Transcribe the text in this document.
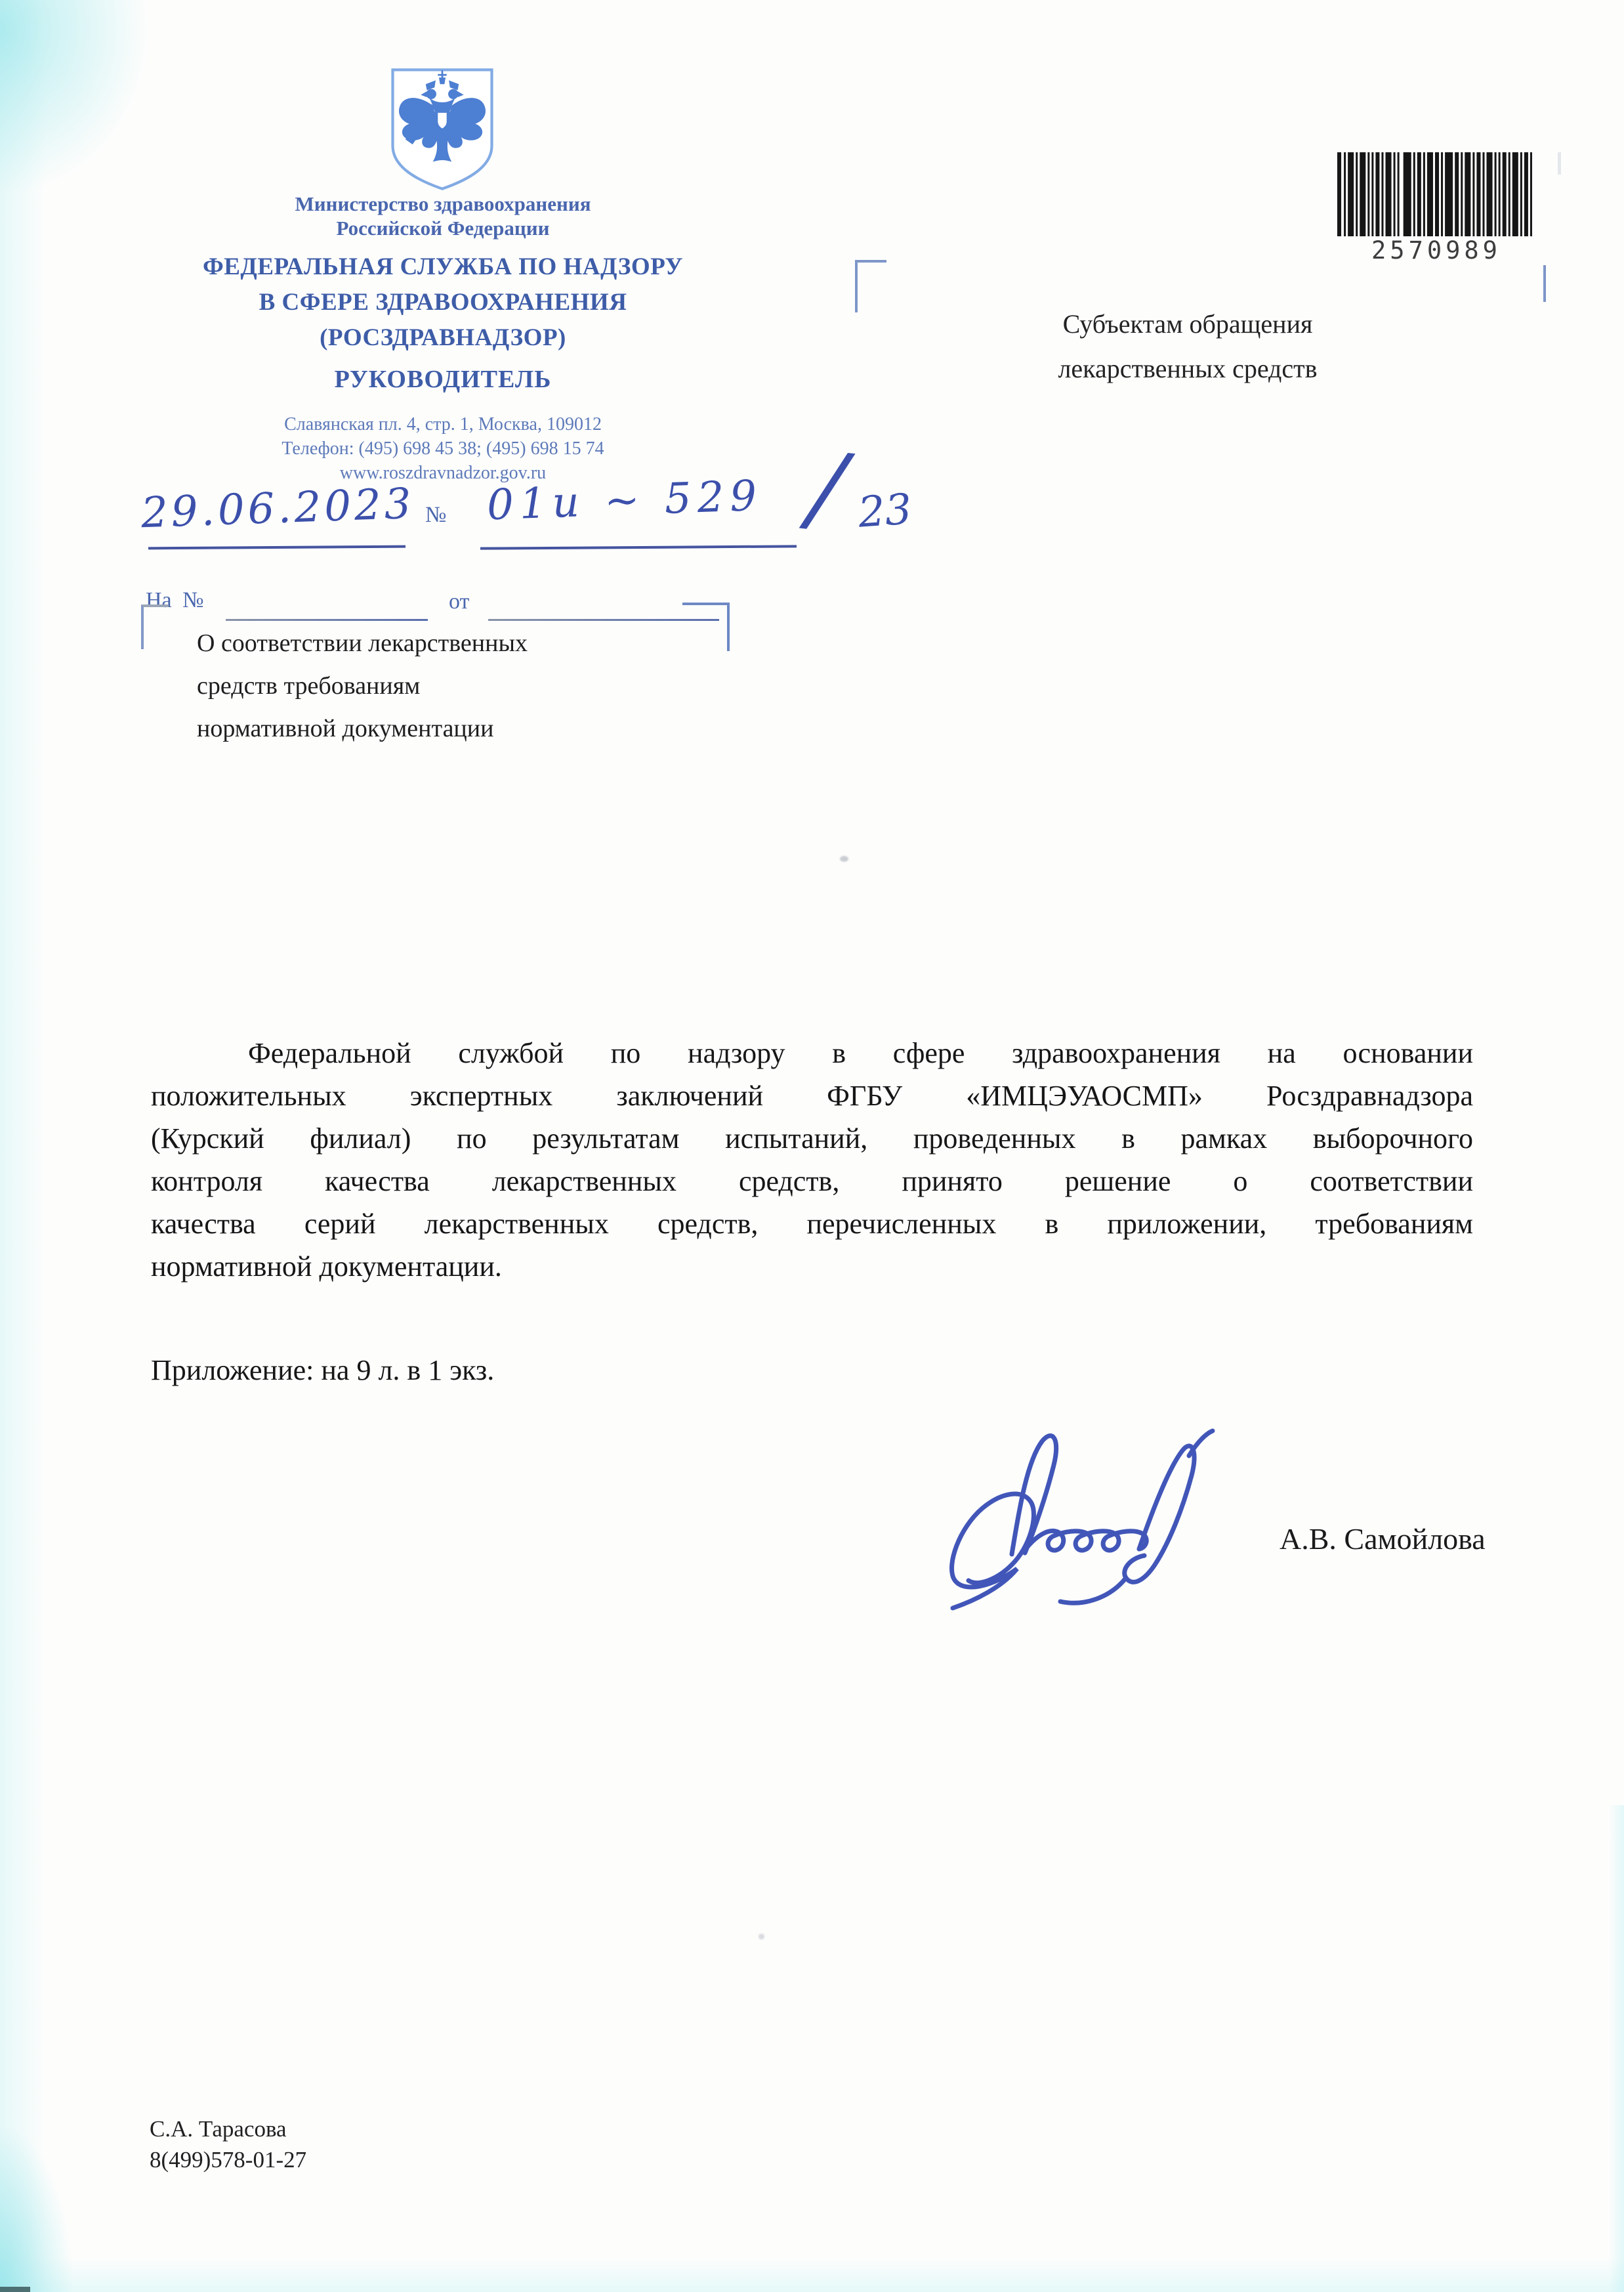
Министерство здравоохранения
Российской Федерации
ФЕДЕРАЛЬНАЯ СЛУЖБА ПО НАДЗОРУ
В СФЕРЕ ЗДРАВООХРАНЕНИЯ
(РОСЗДРАВНАДЗОР)
РУКОВОДИТЕЛЬ
Славянская пл. 4, стр. 1, Москва, 109012
Телефон: (495) 698 45 38; (495) 698 15 74
www.roszdravnadzor.gov.ru
29.06.2023 № 01и ~ 529 / 23
На №	от
О соответствии лекарственных
средств требованиям
нормативной документации
2570989
Субъектам обращения
лекарственных средств
Федеральной службой по надзору в сфере здравоохранения на основании
положительных экспертных заключений ФГБУ «ИМЦЭУАОСМП» Росздравнадзора
(Курский филиал) по результатам испытаний, проведенных в рамках выборочного
контроля качества лекарственных средств, принято решение о соответствии
качества серий лекарственных средств, перечисленных в приложении, требованиям
нормативной документации.
Приложение: на 9 л. в 1 экз.
А.В. Самойлова
С.А. Тарасова
8(499)578-01-27
